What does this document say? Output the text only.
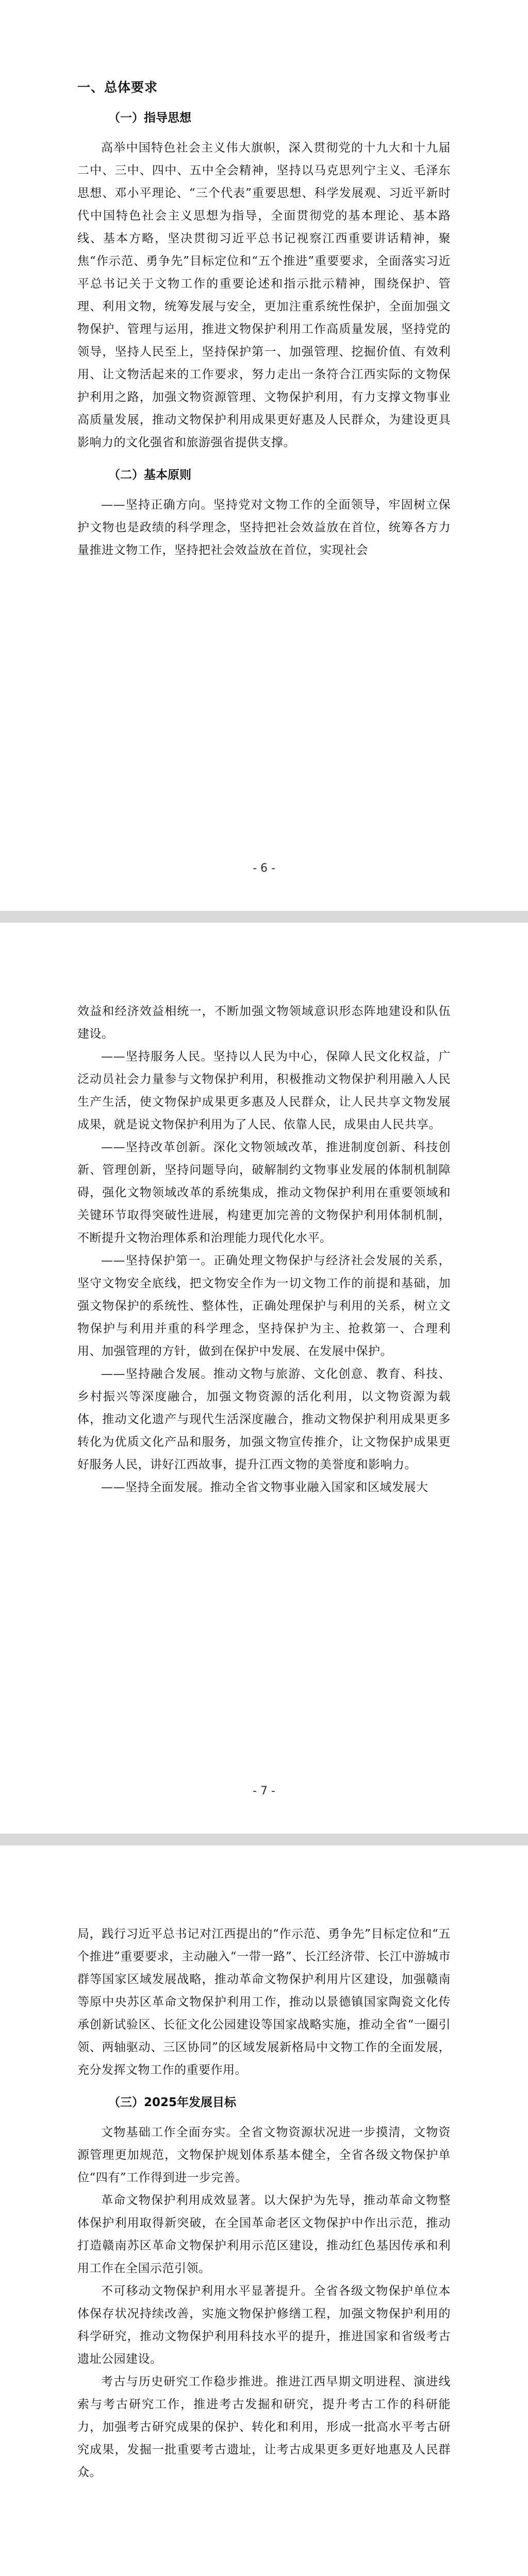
一、总体要求
（一）指导思想

高举中国特色社会主义伟大旗帜，深入贯彻党的十九大和十九届二中、三中、四中、五中全会精神，坚持以马克思列宁主义、毛泽东思想、邓小平理论、“三个代表”重要思想、科学发展观、习近平新时代中国特色社会主义思想为指导，全面贯彻党的基本理论、基本路线、基本方略，坚决贯彻习近平总书记视察江西重要讲话精神，聚焦“作示范、勇争先”目标定位和“五个推进”重要要求，全面落实习近平总书记关于文物工作的重要论述和指示批示精神，围绕保护、管理、利用文物，统筹发展与安全，更加注重系统性保护，全面加强文物保护、管理与运用，推进文物保护利用工作高质量发展，坚持党的领导，坚持人民至上，坚持保护第一、加强管理、挖掘价值、有效利用、让文物活起来的工作要求，努力走出一条符合江西实际的文物保护利用之路，加强文物资源管理、文物保护利用，有力支撑文物事业高质量发展，推动文物保护利用成果更好惠及人民群众，为建设更具影响力的文化强省和旅游强省提供支撑。

（二）基本原则

——坚持正确方向。坚持党对文物工作的全面领导，牢固树立保护文物也是政绩的科学理念，坚持把社会效益放在首位，统筹各方力量推进文物工作，坚持把社会效益放在首位，实现社会

- 6 -

效益和经济效益相统一，不断加强文物领域意识形态阵地建设和队伍建设。

——坚持服务人民。坚持以人民为中心，保障人民文化权益，广泛动员社会力量参与文物保护利用，积极推动文物保护利用融入人民生产生活，使文物保护成果更多惠及人民群众，让人民共享文物发展成果，就是说文物保护利用为了人民、依靠人民，成果由人民共享。

——坚持改革创新。深化文物领域改革，推进制度创新、科技创新、管理创新，坚持问题导向，破解制约文物事业发展的体制机制障碍，强化文物领域改革的系统集成，推动文物保护利用在重要领域和关键环节取得突破性进展，构建更加完善的文物保护利用体制机制，不断提升文物治理体系和治理能力现代化水平。

——坚持保护第一。正确处理文物保护与经济社会发展的关系，坚守文物安全底线，把文物安全作为一切文物工作的前提和基础，加强文物保护的系统性、整体性，正确处理保护与利用的关系，树立文物保护与利用并重的科学理念，坚持保护为主、抢救第一、合理利用、加强管理的方针，做到在保护中发展、在发展中保护。

——坚持融合发展。推动文物与旅游、文化创意、教育、科技、乡村振兴等深度融合，加强文物资源的活化利用，以文物资源为载体，推动文化遗产与现代生活深度融合，推动文物保护利用成果更多转化为优质文化产品和服务，加强文物宣传推介，让文物保护成果更好服务人民，讲好江西故事，提升江西文物的美誉度和影响力。

——坚持全面发展。推动全省文物事业融入国家和区域发展大

- 7 -

局，践行习近平总书记对江西提出的“作示范、勇争先”目标定位和“五个推进”重要要求，主动融入“一带一路”、长江经济带、长江中游城市群等国家区域发展战略，推动革命文物保护利用片区建设，加强赣南等原中央苏区革命文物保护利用工作，推动以景德镇国家陶瓷文化传承创新试验区、长征文化公园建设等国家战略实施，推动全省“一圈引领、两轴驱动、三区协同”的区域发展新格局中文物工作的全面发展，充分发挥文物工作的重要作用。

（三）2025年发展目标

文物基础工作全面夯实。全省文物资源状况进一步摸清，文物资源管理更加规范，文物保护规划体系基本健全，全省各级文物保护单位“四有”工作得到进一步完善。

革命文物保护利用成效显著。以大保护为先导，推动革命文物整体保护利用取得新突破，在全国革命老区文物保护中作出示范，推动打造赣南苏区革命文物保护利用示范区建设，推动红色基因传承和利用工作在全国示范引领。

不可移动文物保护利用水平显著提升。全省各级文物保护单位本体保存状况持续改善，实施文物保护修缮工程，加强文物保护利用的科学研究，推动文物保护利用科技水平的提升，推进国家和省级考古遗址公园建设。

考古与历史研究工作稳步推进。推进江西早期文明进程、演进线索与考古研究工作，推进考古发掘和研究，提升考古工作的科研能力，加强考古研究成果的保护、转化和利用，形成一批高水平考古研究成果，发掘一批重要考古遗址，让考古成果更多更好地惠及人民群众。
